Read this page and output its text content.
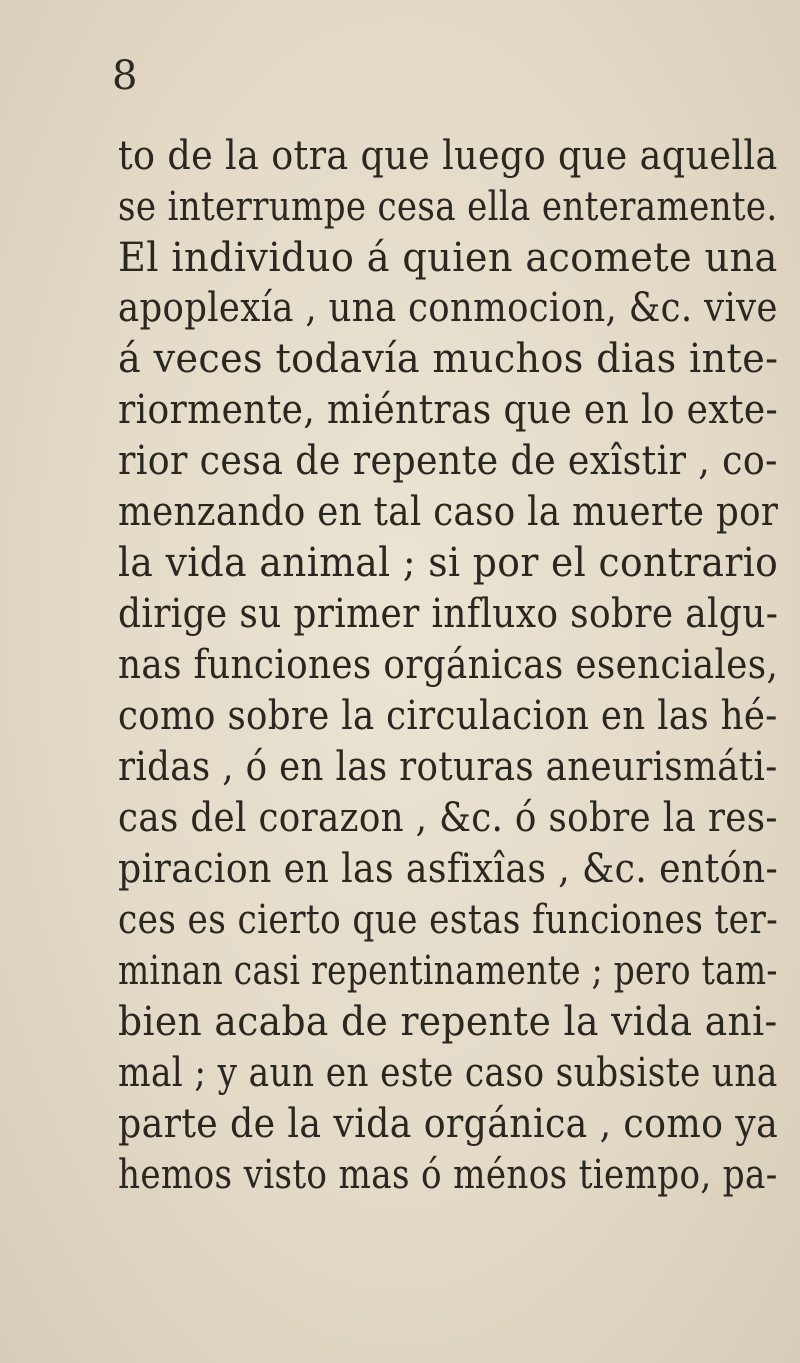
8
to de la otra que luego que aquella
se interrumpe cesa ella enteramente.
El individuo á quien acomete una
apoplexía , una conmocion, &c. vive
á veces todavía muchos dias inte-
riormente, miéntras que en lo exte-
rior cesa de repente de exîstir , co-
menzando en tal caso la muerte por
la vida animal ; si por el contrario
dirige su primer influxo sobre algu-
nas funciones orgánicas esenciales,
como sobre la circulacion en las hé-
ridas , ó en las roturas aneurismáti-
cas del corazon , &c. ó sobre la res-
piracion en las asfixîas , &c. entón-
ces es cierto que estas funciones ter-
minan casi repentinamente ; pero tam-
bien acaba de repente la vida ani-
mal ; y aun en este caso subsiste una
parte de la vida orgánica , como ya
hemos visto mas ó ménos tiempo, pa-
